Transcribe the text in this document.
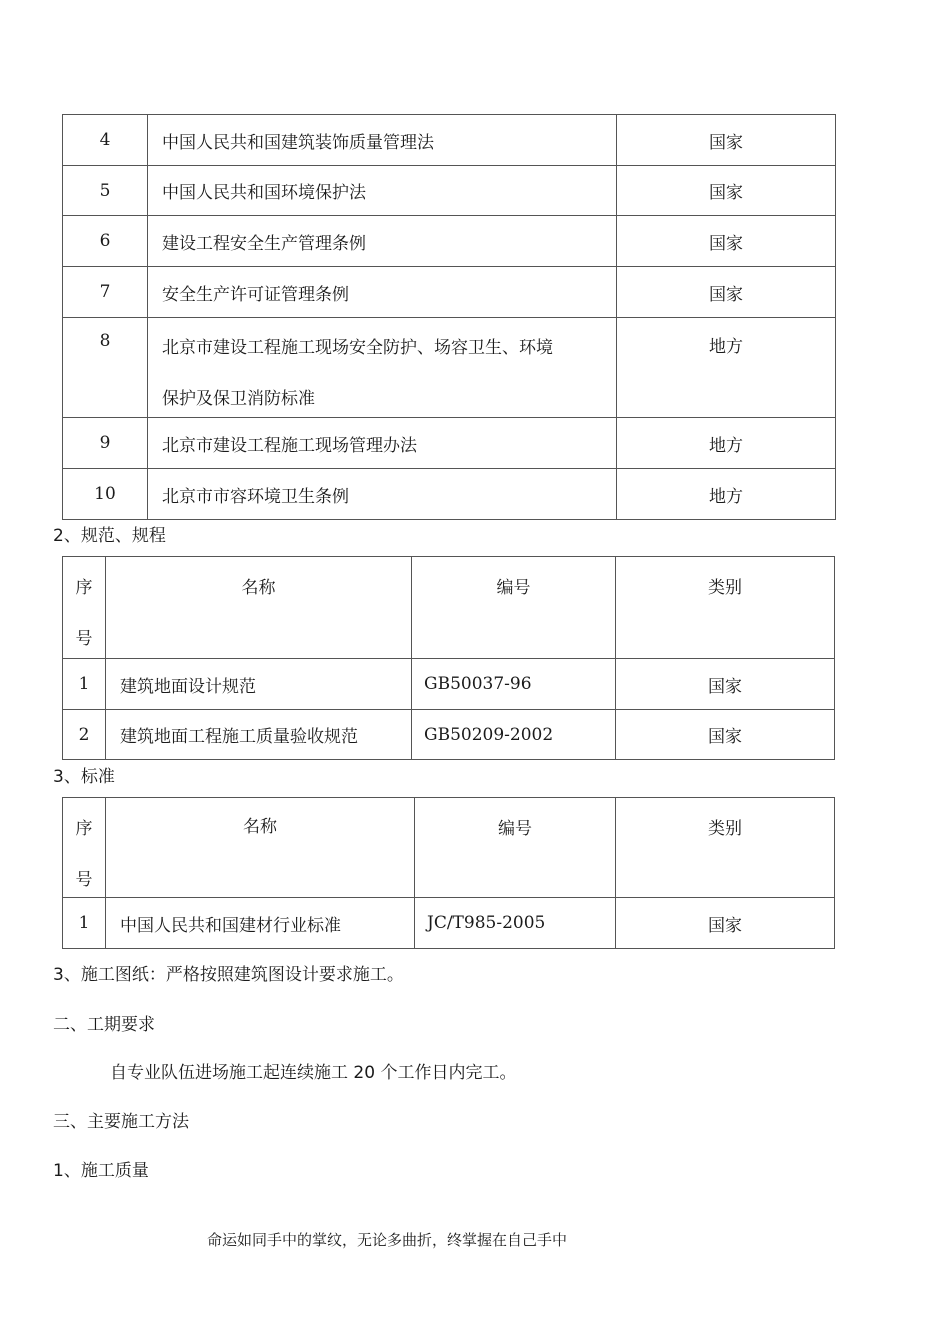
4	中国人民共和国建筑装饰质量管理法	国家
5	中国人民共和国环境保护法	国家
6	建设工程安全生产管理条例	国家
7	安全生产许可证管理条例	国家
8	北京市建设工程施工现场安全防护、场容卫生、环境
保护及保卫消防标准	地方
9	北京市建设工程施工现场管理办法	地方
10	北京市市容环境卫生条例	地方
2、规范、规程
序
号	名称	编号	类别
1	建筑地面设计规范	GB50037-96	国家
2	建筑地面工程施工质量验收规范	GB50209-2002	国家
3、标准
序
号	名称	编号	类别
1	中国人民共和国建材行业标准	JC/T985-2005	国家
3、施工图纸：严格按照建筑图设计要求施工。
二、工期要求
自专业队伍进场施工起连续施工 20 个工作日内完工。
三、主要施工方法
1、施工质量
命运如同手中的掌纹，无论多曲折，终掌握在自己手中
